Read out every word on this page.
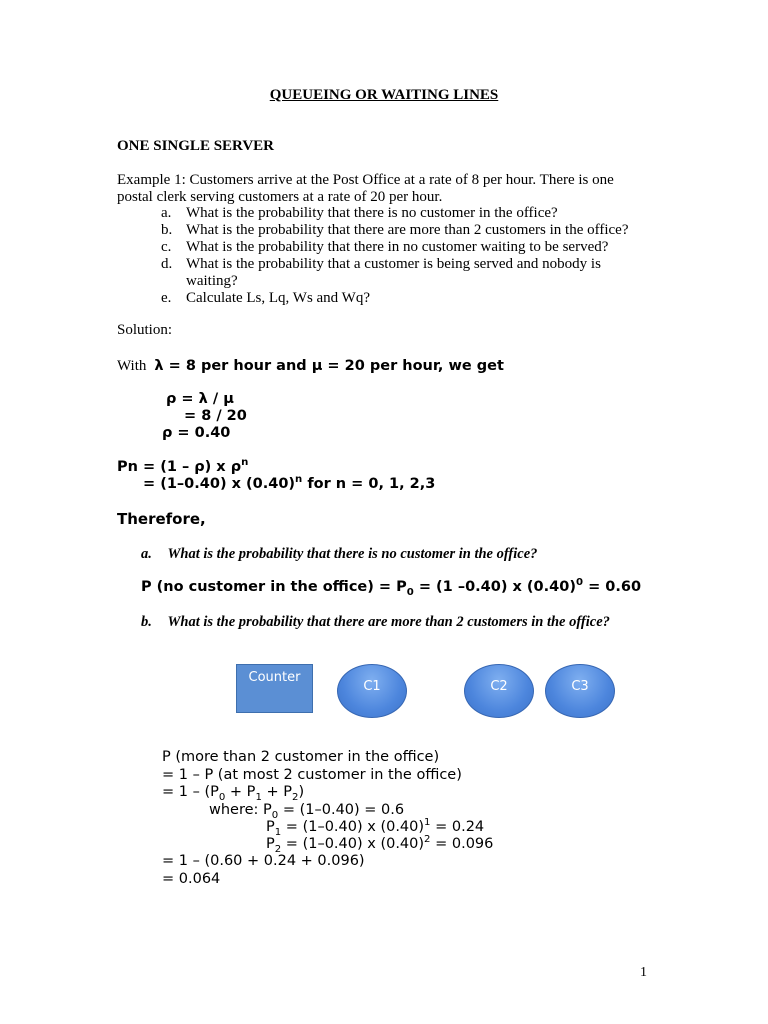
QUEUEING OR WAITING LINES
ONE SINGLE SERVER
Example 1: Customers arrive at the Post Office at a rate of 8 per hour. There is one
postal clerk serving customers at a rate of 20 per hour.
a. What is the probability that there is no customer in the office?
b. What is the probability that there are more than 2 customers in the office?
c. What is the probability that there in no customer waiting to be served?
d. What is the probability that a customer is being served and nobody is waiting?
e. Calculate Ls, Lq, Ws and Wq?
Solution:
With λ = 8 per hour and μ = 20 per hour, we get
ρ = λ / μ
= 8 / 20
ρ = 0.40
Pn = (1 – ρ) x $\rho^n$
= (1–0.40) x $(0.40)^n$ for n = 0, 1, 2,3
Therefore,
a. What is the probability that there is no customer in the office?
P (no customer in the office) = $P_0 = (1$ –0.40) x $(0.40)^0 = 0.60$
b. What is the probability that there are more than 2 customers in the office?
Counter
C1	C2	C3
P (more than 2 customer in the office)
= 1 – P (at most 2 customer in the office)
= $1 - (P_0 + P_1 + P_2)$
where: $P_0 = (1-0.40) = 0.6$
$P_1 = (1-0.40)$ x $(0.40)^1 = 0.24$
$P_2 = (1-0.40)$ x $(0.40)^2 = 0.096$
= 1 – (0.60 + 0.24 + 0.096)
= 0.064
1
